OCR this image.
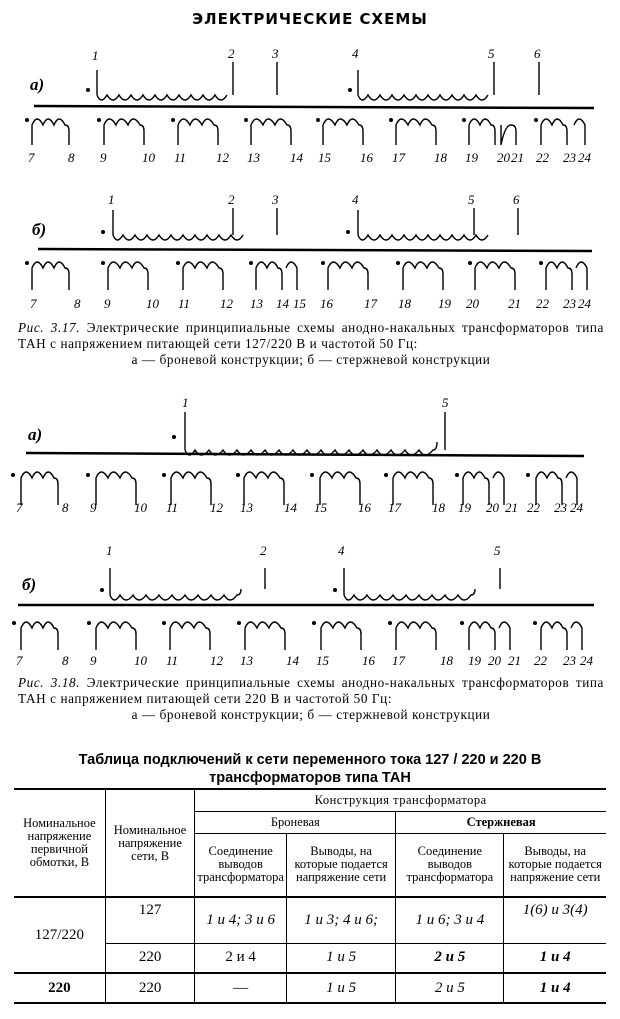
ЭЛЕКТРИЧЕСКИЕ СХЕМЫ
а)
1	2	3	4	5	6
7	8 9	10 11 12 13 14 15 16 17 18 19 20 21 22 23 24
б)
1	2	3	4	5	6
7	8 9	10 11 12 13 14 15 16 17 18 19 20 21 22 23 24
Рис. 3.17. Электрические принципиальные схемы анодно-накальных трансформаторов типа ТАН с напряжением питающей сети 127/220 В и частотой 50 Гц:
а — броневой конструкции; б — стержневой конструкции
а)
1	5
7	8 9	10 11 12 13 14 15 16 17 18 19 20 21 22 23 24
б)
1	2	4	5
7	8 9	10 11 12 13	14 15	16 17	18 19 20 21 22 23 24
Рис. 3.18. Электрические принципиальные схемы анодно-накальных трансформаторов типа ТАН с напряжением питающей сети 220 В и частотой 50 Гц:
а — броневой конструкции; б — стержневой конструкции
Таблица подключений к сети переменного тока 127 / 220 и 220 В
трансформаторов типа ТАН
Номинальное напряжение первичной обмотки, В	Номинальное напряжение сети, В	Конструкция трансформатора			
		Броневая		Стержневая	
		Соединение выводов трансформатора	Выводы, на которые подается напряжение сети	Соединение выводов трансформатора	Выводы, на которые подается напряжение сети
127/220	127	1 и 4; 3 и 6	1 и 3; 4 и 6;	1 и 6; 3 и 4	1(6) и 3(4)
	220	2 и 4	1 и 5	2 и 5	1 и 4
220	220	—	1 и 5	2 и 5	1 и 4
